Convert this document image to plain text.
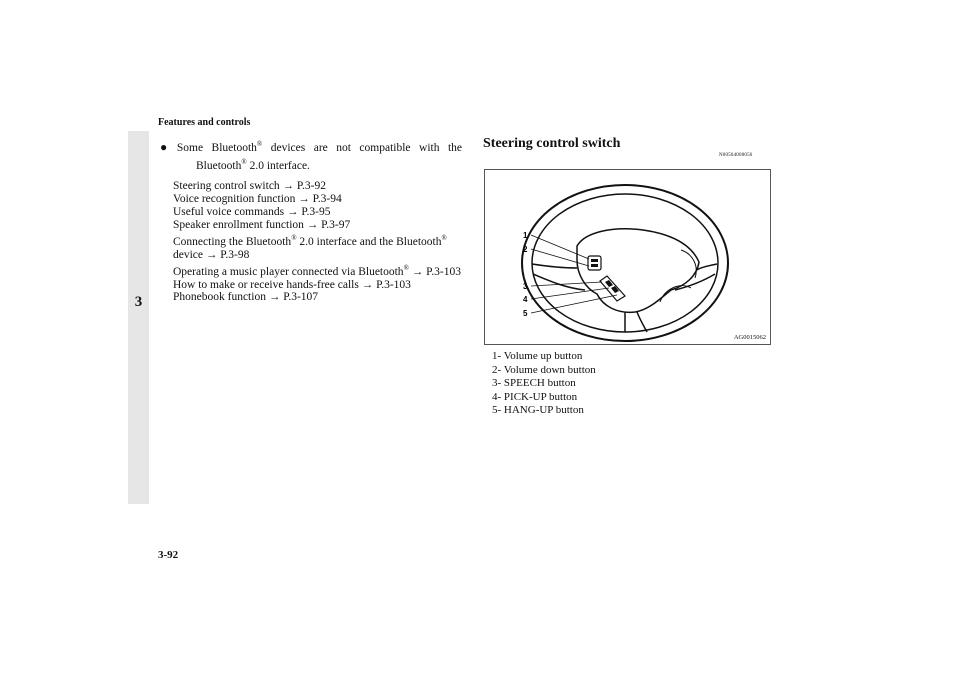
Features and controls
3
● Some Bluetooth® devices are not compatible with the
Bluetooth® 2.0 interface.
Steering control switch → P.3-92
Voice recognition function → P.3-94
Useful voice commands → P.3-95
Speaker enrollment function → P.3-97
Connecting the Bluetooth® 2.0 interface and the Bluetooth®
device → P.3-98
Operating a music player connected via Bluetooth® → P.3-103
How to make or receive hands-free calls → P.3-103
Phonebook function → P.3-107
Steering control switch
N00564000056
1
2
3
4
5
AG0015062
1- Volume up button
2- Volume down button
3- SPEECH button
4- PICK-UP button
5- HANG-UP button
3-92
